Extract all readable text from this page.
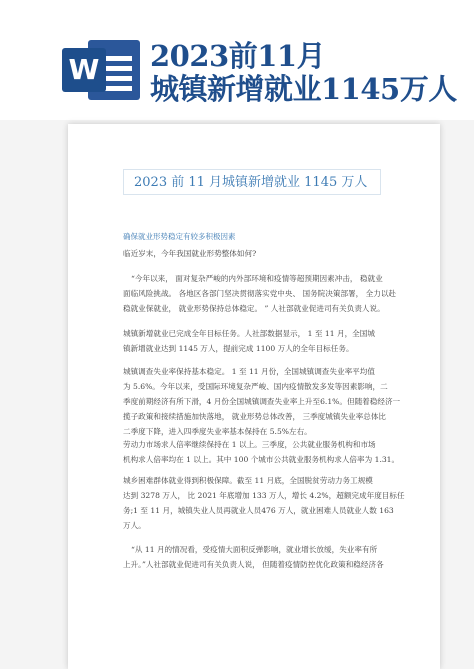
W 2023前11月
城镇新增就业1145万人
2023 前 11 月城镇新增就业 1145 万人
确保就业形势稳定有较多积极因素

临近岁末，今年我国就业形势整体如何?

“今年以来， 面对复杂严峻的内外部环境和疫情等超预期因素冲击， 稳就业

面临风险挑战。 各地区各部门坚决贯彻落实党中央、 国务院决策部署， 全力以赴

稳就业保就业， 就业形势保持总体稳定。 ” 人社部就业促进司有关负责人说。

城镇新增就业已完成全年目标任务。人社部数据显示， 1 至 11 月，全国城

镇新增就业达到 1145 万人，提前完成 1100 万人的全年目标任务。

城镇调查失业率保持基本稳定。 1 至 11 月份，全国城镇调查失业率平均值

为 5.6%。今年以来，受国际环境复杂严峻、国内疫情散发多发等因素影响，二

季度前期经济有所下滑，4 月份全国城镇调查失业率上升至6.1%。但随着稳经济一

揽子政策和接续措施加快落地， 就业形势总体改善， 三季度城镇失业率总体比

二季度下降，进入四季度失业率基本保持在 5.5%左右。

劳动力市场求人倍率继续保持在 1 以上。三季度，公共就业服务机构和市场

机构求人倍率均在 1 以上。其中 100 个城市公共就业服务机构求人倍率为 1.31。

城乡困难群体就业得到积极保障。截至 11 月底，全国脱贫劳动力务工规模

达到 3278 万人， 比 2021 年底增加 133 万人，增长 4.2%，超额完成年度目标任

务;1 至 11 月，城镇失业人员再就业人员476 万人，就业困难人员就业人数 163

万人。

“从 11 月的情况看，受疫情大面积反弹影响，就业增长放缓，失业率有所

上升。”人社部就业促进司有关负责人说， 但随着疫情防控优化政策和稳经济各
